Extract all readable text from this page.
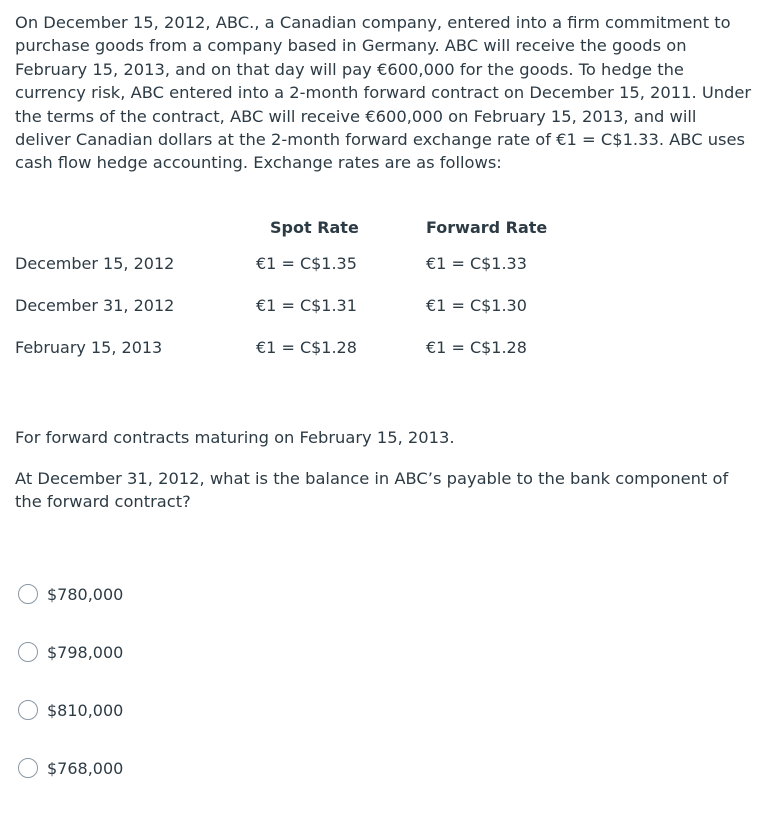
On December 15, 2012, ABC., a Canadian company, entered into a firm commitment to purchase goods from a company based in Germany. ABC will receive the goods on February 15, 2013, and on that day will pay €600,000 for the goods. To hedge the currency risk, ABC entered into a 2-month forward contract on December 15, 2011. Under the terms of the contract, ABC will receive €600,000 on February 15, 2013, and will deliver Canadian dollars at the 2-month forward exchange rate of €1 = C$1.33. ABC uses cash flow hedge accounting. Exchange rates are as follows:

	Spot Rate	Forward Rate
December 15, 2012	€1 = C$1.35	€1 = C$1.33
December 31, 2012	€1 = C$1.31	€1 = C$1.30
February 15, 2013	€1 = C$1.28	€1 = C$1.28

For forward contracts maturing on February 15, 2013.

At December 31, 2012, what is the balance in ABC’s payable to the bank component of the forward contract?

$780,000
$798,000
$810,000
$768,000
